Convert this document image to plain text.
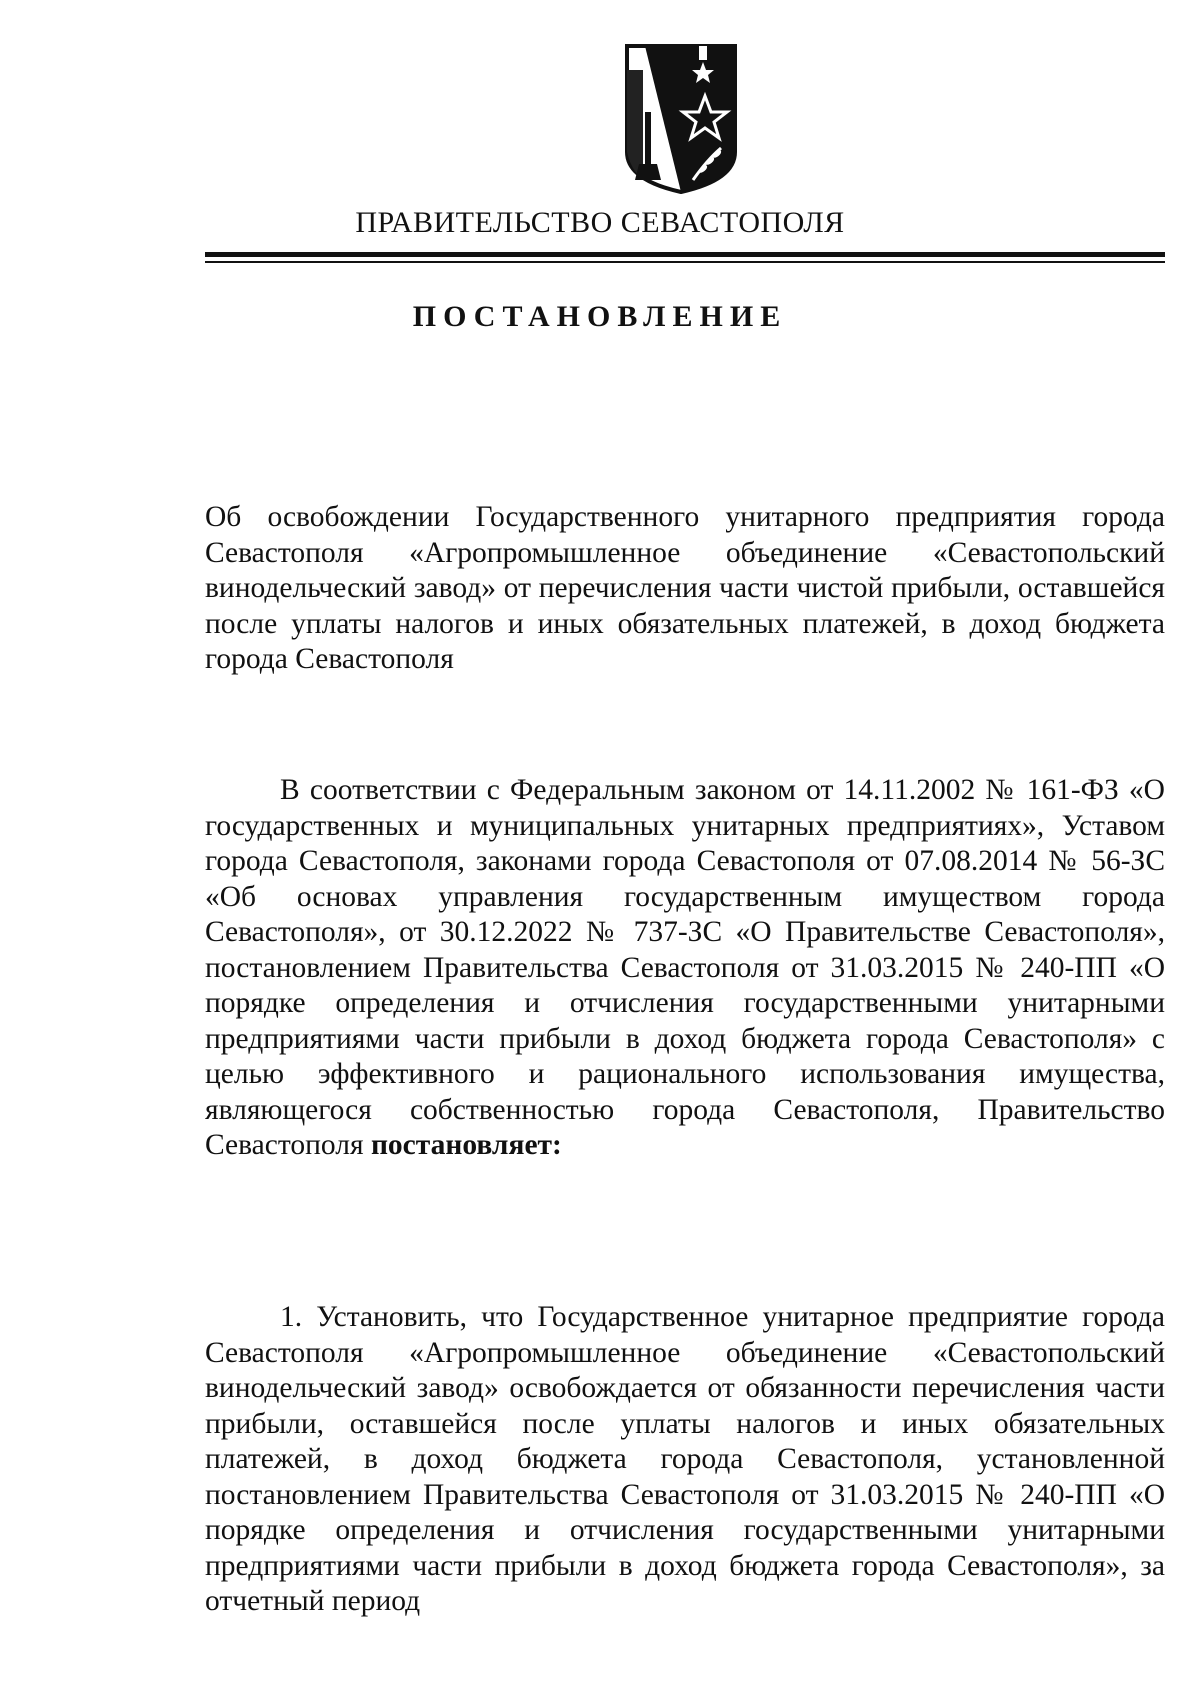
ПРАВИТЕЛЬСТВО СЕВАСТОПОЛЯ
ПОСТАНОВЛЕНИЕ
Об освобождении Государственного унитарного предприятия города Севастополя «Агропромышленное объединение «Севастопольский винодельческий завод» от перечисления части чистой прибыли, оставшейся после уплаты налогов и иных обязательных платежей, в доход бюджета города Севастополя
В соответствии с Федеральным законом от 14.11.2002 № 161-ФЗ «О государственных и муниципальных унитарных предприятиях», Уставом города Севастополя, законами города Севастополя от 07.08.2014 № 56-ЗС «Об основах управления государственным имуществом города Севастополя», от 30.12.2022 № 737-ЗС «О Правительстве Севастополя», постановлением Правительства Севастополя от 31.03.2015 № 240-ПП «О порядке определения и отчисления государственными унитарными предприятиями части прибыли в доход бюджета города Севастополя» с целью эффективного и рационального использования имущества, являющегося собственностью города Севастополя, Правительство Севастополя постановляет:
1. Установить, что Государственное унитарное предприятие города Севастополя «Агропромышленное объединение «Севастопольский винодельческий завод» освобождается от обязанности перечисления части прибыли, оставшейся после уплаты налогов и иных обязательных платежей, в доход бюджета города Севастополя, установленной постановлением Правительства Севастополя от 31.03.2015 № 240-ПП «О порядке определения и отчисления государственными унитарными предприятиями части прибыли в доход бюджета города Севастополя», за отчетный период
